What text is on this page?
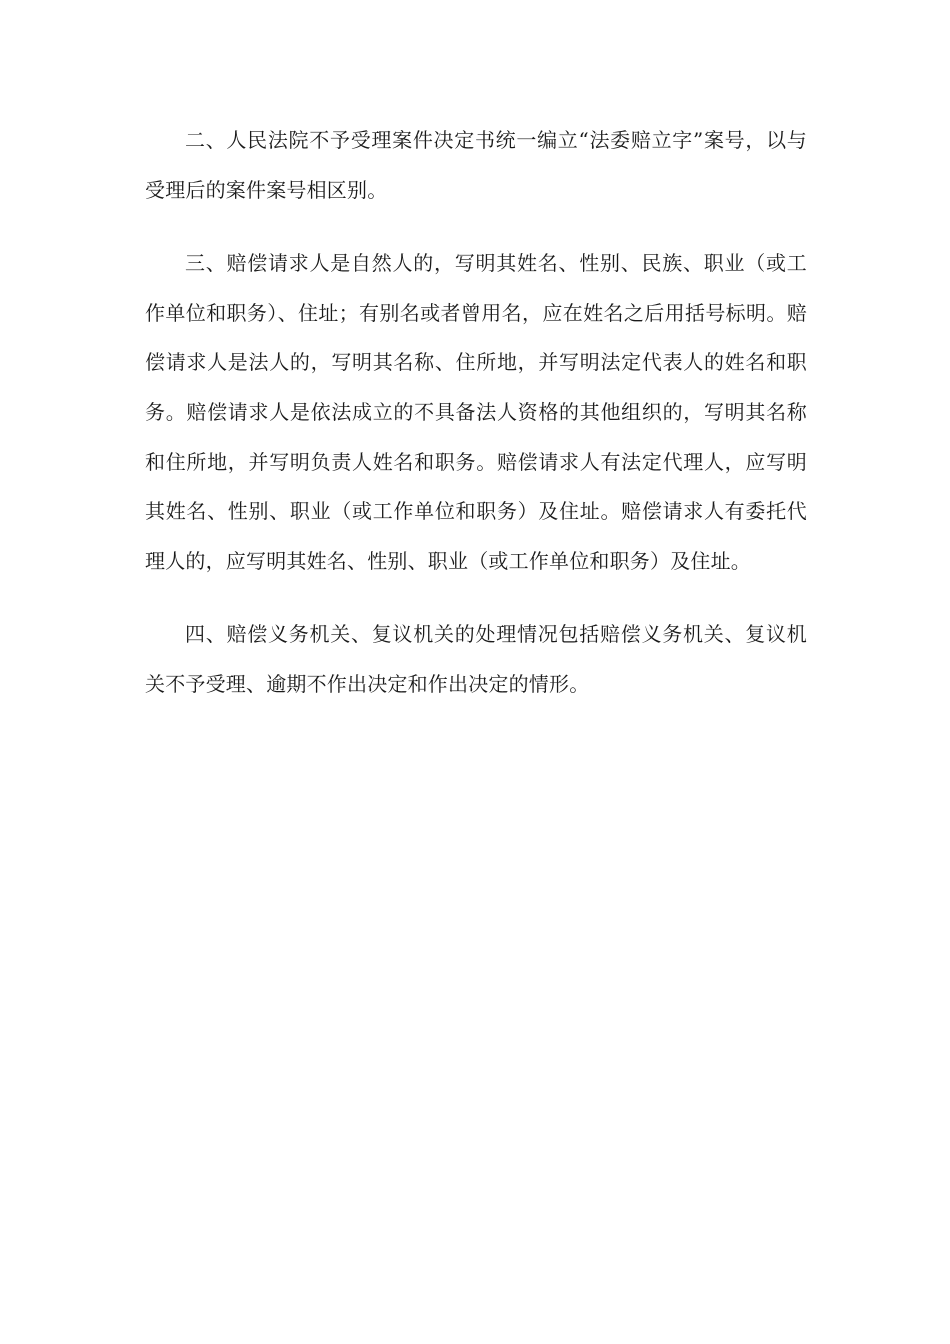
二、人民法院不予受理案件决定书统一编立“法委赔立字”案号，以与受理后的案件案号相区别。

三、赔偿请求人是自然人的，写明其姓名、性别、民族、职业（或工作单位和职务）、住址；有别名或者曾用名，应在姓名之后用括号标明。赔偿请求人是法人的，写明其名称、住所地，并写明法定代表人的姓名和职务。赔偿请求人是依法成立的不具备法人资格的其他组织的，写明其名称和住所地，并写明负责人姓名和职务。赔偿请求人有法定代理人，应写明其姓名、性别、职业（或工作单位和职务）及住址。赔偿请求人有委托代理人的，应写明其姓名、性别、职业（或工作单位和职务）及住址。

四、赔偿义务机关、复议机关的处理情况包括赔偿义务机关、复议机关不予受理、逾期不作出决定和作出决定的情形。
